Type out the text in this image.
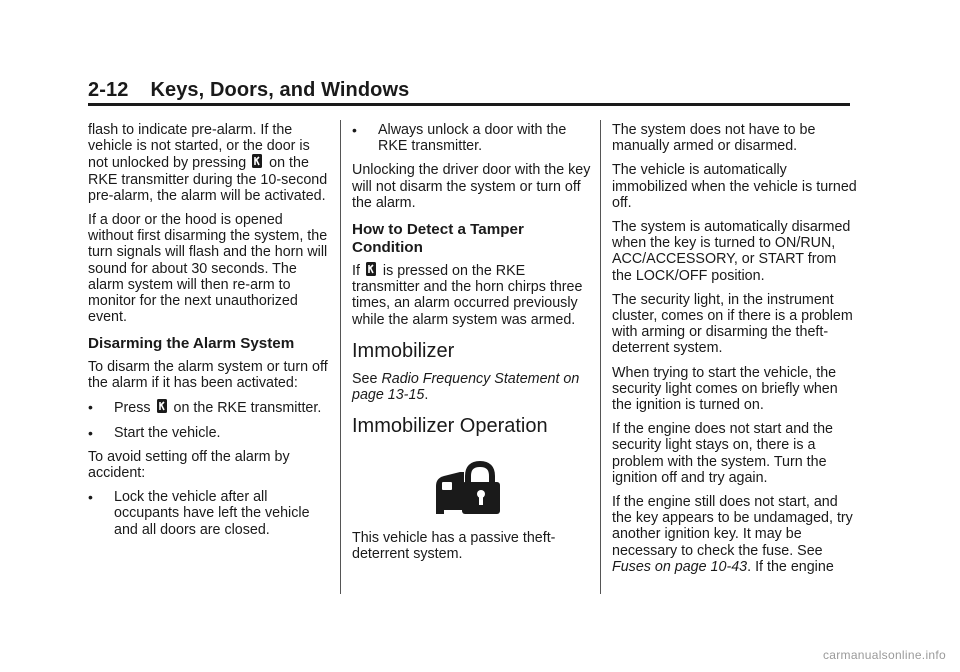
2-12 Keys, Doors, and Windows

flash to indicate pre-alarm. If the vehicle is not started, or the door is not unlocked by pressing on the RKE transmitter during the 10-second pre-alarm, the alarm will be activated.

If a door or the hood is opened without first disarming the system, the turn signals will flash and the horn will sound for about 30 seconds. The alarm system will then re-arm to monitor for the next unauthorized event.

Disarming the Alarm System

To disarm the alarm system or turn off the alarm if it has been activated:

• Press on the RKE transmitter.
• Start the vehicle.

To avoid setting off the alarm by accident:

• Lock the vehicle after all occupants have left the vehicle and all doors are closed.
• Always unlock a door with the RKE transmitter.

Unlocking the driver door with the key will not disarm the system or turn off the alarm.

How to Detect a Tamper Condition

If is pressed on the RKE transmitter and the horn chirps three times, an alarm occurred previously while the alarm system was armed.

Immobilizer

See Radio Frequency Statement on page 13-15.

Immobilizer Operation

This vehicle has a passive theft-deterrent system.

The system does not have to be manually armed or disarmed.

The vehicle is automatically immobilized when the vehicle is turned off.

The system is automatically disarmed when the key is turned to ON/RUN, ACC/ACCESSORY, or START from the LOCK/OFF position.

The security light, in the instrument cluster, comes on if there is a problem with arming or disarming the theft-deterrent system.

When trying to start the vehicle, the security light comes on briefly when the ignition is turned on.

If the engine does not start and the security light stays on, there is a problem with the system. Turn the ignition off and try again.

If the engine still does not start, and the key appears to be undamaged, try another ignition key. It may be necessary to check the fuse. See Fuses on page 10-43. If the engine

carmanualsonline.info
